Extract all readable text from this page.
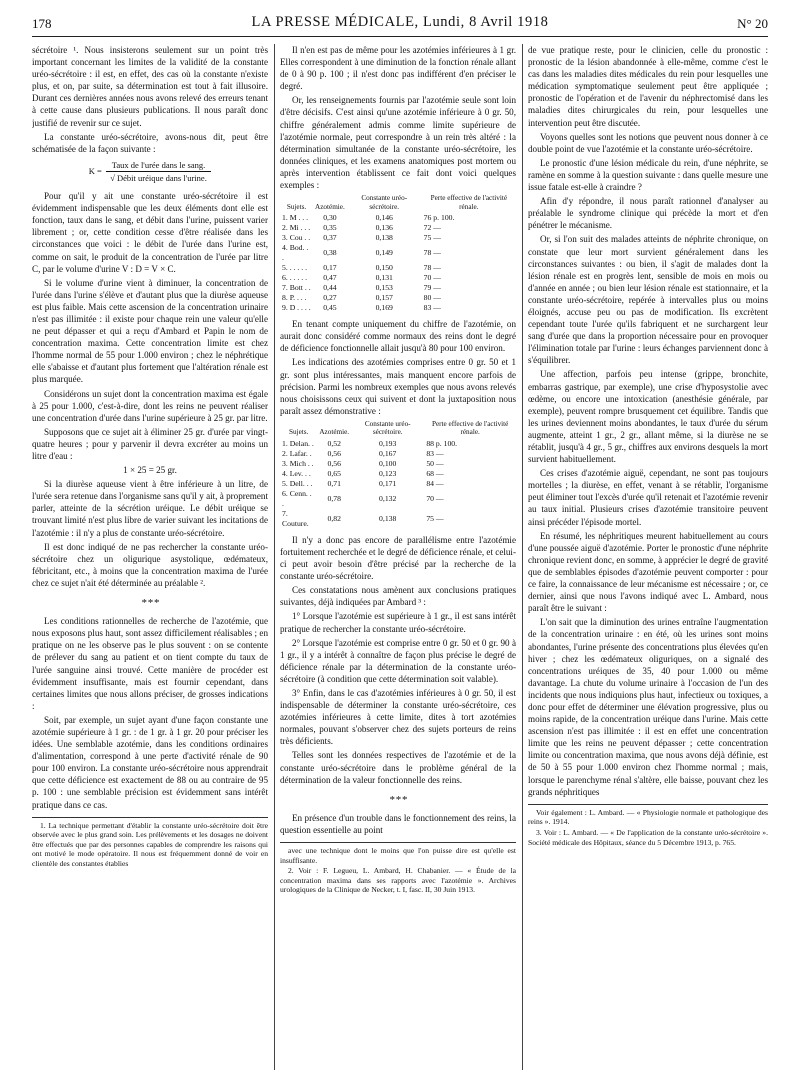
178	LA PRESSE MÉDICALE, Lundi, 8 Avril 1918	N° 20

sécrétoire ¹. Nous insisterons seulement sur un point très important concernant les limites de la validité de la constante uréo-sécrétoire : il est, en effet, des cas où la constante n'existe plus, et on, par suite, sa détermination est tout à fait illusoire. Durant ces dernières années nous avons relevé des erreurs tenant à cette cause dans plusieurs publications. Il nous paraît donc justifié de revenir sur ce sujet.

La constante uréo-sécrétoire, avons-nous dit, peut être schématisée de la façon suivante :

$K = \frac{\text{Taux de l'urée dans le sang.}}{\text{√ Débit uréique dans l'urine.}}$

Pour qu'il y ait une constante uréo-sécrétoire il est évidemment indispensable que les deux éléments dont elle est fonction, taux dans le sang, et débit dans l'urine, puissent varier librement ; or, cette condition cesse d'être réalisée dans les circonstances que voici : le débit de l'urée dans l'urine est, comme on sait, le produit de la concentration de l'urée par litre C, par le volume d'urine V : D = V × C.

Si le volume d'urine vient à diminuer, la concentration de l'urée dans l'urine s'élève et d'autant plus que la diurèse aqueuse est plus faible. Mais cette ascension de la concentration urinaire n'est pas illimitée : il existe pour chaque rein une valeur qu'elle ne peut dépasser et qui a reçu d'Ambard et Papin le nom de concentration maxima. Cette concentration limite est chez l'homme normal de 55 pour 1.000 environ ; chez le néphrétique elle s'abaisse et d'autant plus fortement que l'altération rénale est plus marquée.

Considérons un sujet dont la concentration maxima est égale à 25 pour 1.000, c'est-à-dire, dont les reins ne peuvent réaliser une concentration d'urée dans l'urine supérieure à 25 gr. par litre.

Supposons que ce sujet ait à éliminer 25 gr. d'urée par vingt-quatre heures ; pour y parvenir il devra excréter au moins un litre d'eau :

1 × 25 = 25 gr.

Si la diurèse aqueuse vient à être inférieure à un litre, de l'urée sera retenue dans l'organisme sans qu'il y ait, à proprement parler, atteinte de la sécrétion uréique. Le débit uréique se trouvant limité n'est plus libre de varier suivant les incitations de l'azotémie : il n'y a plus de constante uréo-sécrétoire.

Il est donc indiqué de ne pas rechercher la constante uréo-sécrétoire chez un oligurique asystolique, œdémateux, fébricitant, etc., à moins que la concentration maxima de l'urée chez ce sujet n'ait été déterminée au préalable ².

* * *

Les conditions rationnelles de recherche de l'azotémie, que nous exposons plus haut, sont assez difficilement réalisables ; en pratique on ne les observe pas le plus souvent : on se contente de prélever du sang au patient et on tient compte du taux de l'urée sanguine ainsi trouvé. Cette manière de procéder est évidemment insuffisante, mais est fournir cependant, dans certaines limites que nous allons préciser, de grosses indications :

Soit, par exemple, un sujet ayant d'une façon constante une azotémie supérieure à 1 gr. : de 1 gr. à 1 gr. 20 pour préciser les idées. Une semblable azotémie, dans les conditions ordinaires d'alimentation, correspond à une perte d'activité rénale de 90 pour 100 environ. La constante uréo-sécrétoire nous apprendrait que cette déficience est exactement de 88 ou au contraire de 95 p. 100 : une semblable précision est évidemment sans intérêt pratique dans ce cas.

1. La technique permettant d'établir la constante uréo-sécrétoire doit être observée avec le plus grand soin. Les prélèvements et les dosages ne doivent être effectués que par des personnes capables de comprendre les raisons qui ont motivé le mode opératoire. Il nous est fréquemment donné de voir en clientèle des constantes établies

Il n'en est pas de même pour les azotémies inférieures à 1 gr. Elles correspondent à une diminution de la fonction rénale allant de 0 à 90 p. 100 ; il n'est donc pas indifférent d'en préciser le degré.

Or, les renseignements fournis par l'azotémie seule sont loin d'être décisifs. C'est ainsi qu'une azotémie inférieure à 0 gr. 50, chiffre généralement admis comme limite supérieure de l'azotémie normale, peut correspondre à un rein très altéré : la détermination simultanée de la constante uréo-sécrétoire, les données cliniques, et les examens anatomiques post mortem ou après intervention établissent ce fait dont voici quelques exemples :

Sujets.	Azotémie.	Constante uréo-sécrétoire.	Perte effective de l'activité rénale.
1. M . . .	0,30	0,146	76 p. 100.
2. Mi . . .	0,35	0,136	72 —
3. Cou . .	0,37	0,138	75 —
4. Bod. . .	0,38	0,149	78 —
5. . . . . .	0,17	0,150	78 —
6. . . . . .	0,47	0,131	70 —
7. Bott . .	0,44	0,153	79 —
8. P. . . .	0,27	0,157	80 —
9. D . . . .	0,45	0,169	83 —

En tenant compte uniquement du chiffre de l'azotémie, on aurait donc considéré comme normaux des reins dont le degré de déficience fonctionnelle allait jusqu'à 80 pour 100 environ.

Les indications des azotémies comprises entre 0 gr. 50 et 1 gr. sont plus intéressantes, mais manquent encore parfois de précision. Parmi les nombreux exemples que nous avons relevés nous choisissons ceux qui suivent et dont la juxtaposition nous paraît assez démonstrative :

Sujets.	Azotémie.	Constante uréo-sécrétoire.	Perte effective de l'activité rénale.
1. Delan. .	0,52	0,193	88 p. 100.
2. Lafar. .	0,56	0,167	83 —
3. Mich . .	0,56	0,100	50 —
4. Lev. . .	0,65	0,123	68 —
5. Dell. . .	0,71	0,171	84 —
6. Cenn. . .	0,78	0,132	70 —
7. Couture.	0,82	0,138	75 —

Il n'y a donc pas encore de parallélisme entre l'azotémie fortuitement recherchée et le degré de déficience rénale, et celui-ci peut avoir besoin d'être précisé par la recherche de la constante uréo-sécrétoire.

Ces constatations nous amènent aux conclusions pratiques suivantes, déjà indiquées par Ambard ³ :

1° Lorsque l'azotémie est supérieure à 1 gr., il est sans intérêt pratique de rechercher la constante uréo-sécrétoire.

2° Lorsque l'azotémie est comprise entre 0 gr. 50 et 0 gr. 90 à 1 gr., il y a intérêt à connaître de façon plus précise le degré de déficience rénale par la détermination de la constante uréo-sécrétoire (à condition que cette détermination soit valable).

3° Enfin, dans le cas d'azotémies inférieures à 0 gr. 50, il est indispensable de déterminer la constante uréo-sécrétoire, ces azotémies inférieures à cette limite, dites à tort azotémies normales, pouvant s'observer chez des sujets porteurs de reins très déficients.

Telles sont les données respectives de l'azotémie et de la constante uréo-sécrétoire dans le problème général de la détermination de la valeur fonctionnelle des reins.

* * *

En présence d'un trouble dans le fonctionnement des reins, la question essentielle au point

avec une technique dont le moins que l'on puisse dire est qu'elle est insuffisante.

2. Voir : F. Legueu, L. Ambard, H. Chabanier. — « Étude de la concentration maxima dans ses rapports avec l'azotémie ». Archives urologiques de la Clinique de Necker, t. I, fasc. II, 30 Juin 1913.

de vue pratique reste, pour le clinicien, celle du pronostic : pronostic de la lésion abandonnée à elle-même, comme c'est le cas dans les maladies dites médicales du rein pour lesquelles une médication symptomatique seulement peut être appliquée ; pronostic de l'opération et de l'avenir du néphrectomisé dans les maladies dites chirurgicales du rein, pour lesquelles une intervention peut être discutée.

Voyons quelles sont les notions que peuvent nous donner à ce double point de vue l'azotémie et la constante uréo-sécrétoire.

Le pronostic d'une lésion médicale du rein, d'une néphrite, se ramène en somme à la question suivante : dans quelle mesure une issue fatale est-elle à craindre ?

Afin d'y répondre, il nous paraît rationnel d'analyser au préalable le syndrome clinique qui précède la mort et d'en pénétrer le mécanisme.

Or, si l'on suit des malades atteints de néphrite chronique, on constate que leur mort survient généralement dans les circonstances suivantes : ou bien, il s'agit de malades dont la lésion rénale est en progrès lent, sensible de mois en mois ou d'année en année ; ou bien leur lésion rénale est stationnaire, et la constante uréo-sécrétoire, repérée à intervalles plus ou moins éloignés, accuse peu ou pas de modification. Ils excrètent cependant toute l'urée qu'ils fabriquent et ne surchargent leur sang d'urée que dans la proportion nécessaire pour en provoquer l'élimination totale par l'urine : leurs échanges parviennent donc à s'équilibrer.

Une affection, parfois peu intense (grippe, bronchite, embarras gastrique, par exemple), une crise d'hyposystolie avec œdème, ou encore une intoxication (anesthésie générale, par exemple), peuvent rompre brusquement cet équilibre. Tandis que les urines deviennent moins abondantes, le taux d'urée du sérum augmente, atteint 1 gr., 2 gr., allant même, si la diurèse ne se rétablit, jusqu'à 4 gr., 5 gr., chiffres aux environs desquels la mort survient habituellement.

Ces crises d'azotémie aiguë, cependant, ne sont pas toujours mortelles ; la diurèse, en effet, venant à se rétablir, l'organisme peut éliminer tout l'excès d'urée qu'il retenait et l'azotémie revenir au taux initial. Plusieurs crises d'azotémie transitoire peuvent ainsi précéder l'épisode mortel.

En résumé, les néphritiques meurent habituellement au cours d'une poussée aiguë d'azotémie. Porter le pronostic d'une néphrite chronique revient donc, en somme, à apprécier le degré de gravité que de semblables épisodes d'azotémie peuvent comporter : pour ce faire, la connaissance de leur mécanisme est nécessaire ; or, ce dernier, ainsi que nous l'avons indiqué avec L. Ambard, nous paraît être le suivant :

L'on sait que la diminution des urines entraîne l'augmentation de la concentration urinaire : en été, où les urines sont moins abondantes, l'urine présente des concentrations plus élevées qu'en hiver ; chez les œdémateux oliguriques, on a signalé des concentrations uréiques de 35, 40 pour 1.000 ou même davantage. La chute du volume urinaire à l'occasion de l'un des incidents que nous indiquions plus haut, infectieux ou toxiques, a donc pour effet de déterminer une élévation progressive, plus ou moins rapide, de la concentration uréique dans l'urine. Mais cette ascension n'est pas illimitée : il est en effet une concentration limite que les reins ne peuvent dépasser ; cette concentration limite ou concentration maxima, que nous avons déjà définie, est de 50 à 55 pour 1.000 environ chez l'homme normal ; mais, lorsque le parenchyme rénal s'altère, elle baisse, pouvant chez les grands néphritiques

Voir également : L. Ambard. — « Physiologie normale et pathologique des reins ». 1914.

3. Voir : L. Ambard. — « De l'application de la constante uréo-sécrétoire ». Société médicale des Hôpitaux, séance du 5 Décembre 1913, p. 765.
